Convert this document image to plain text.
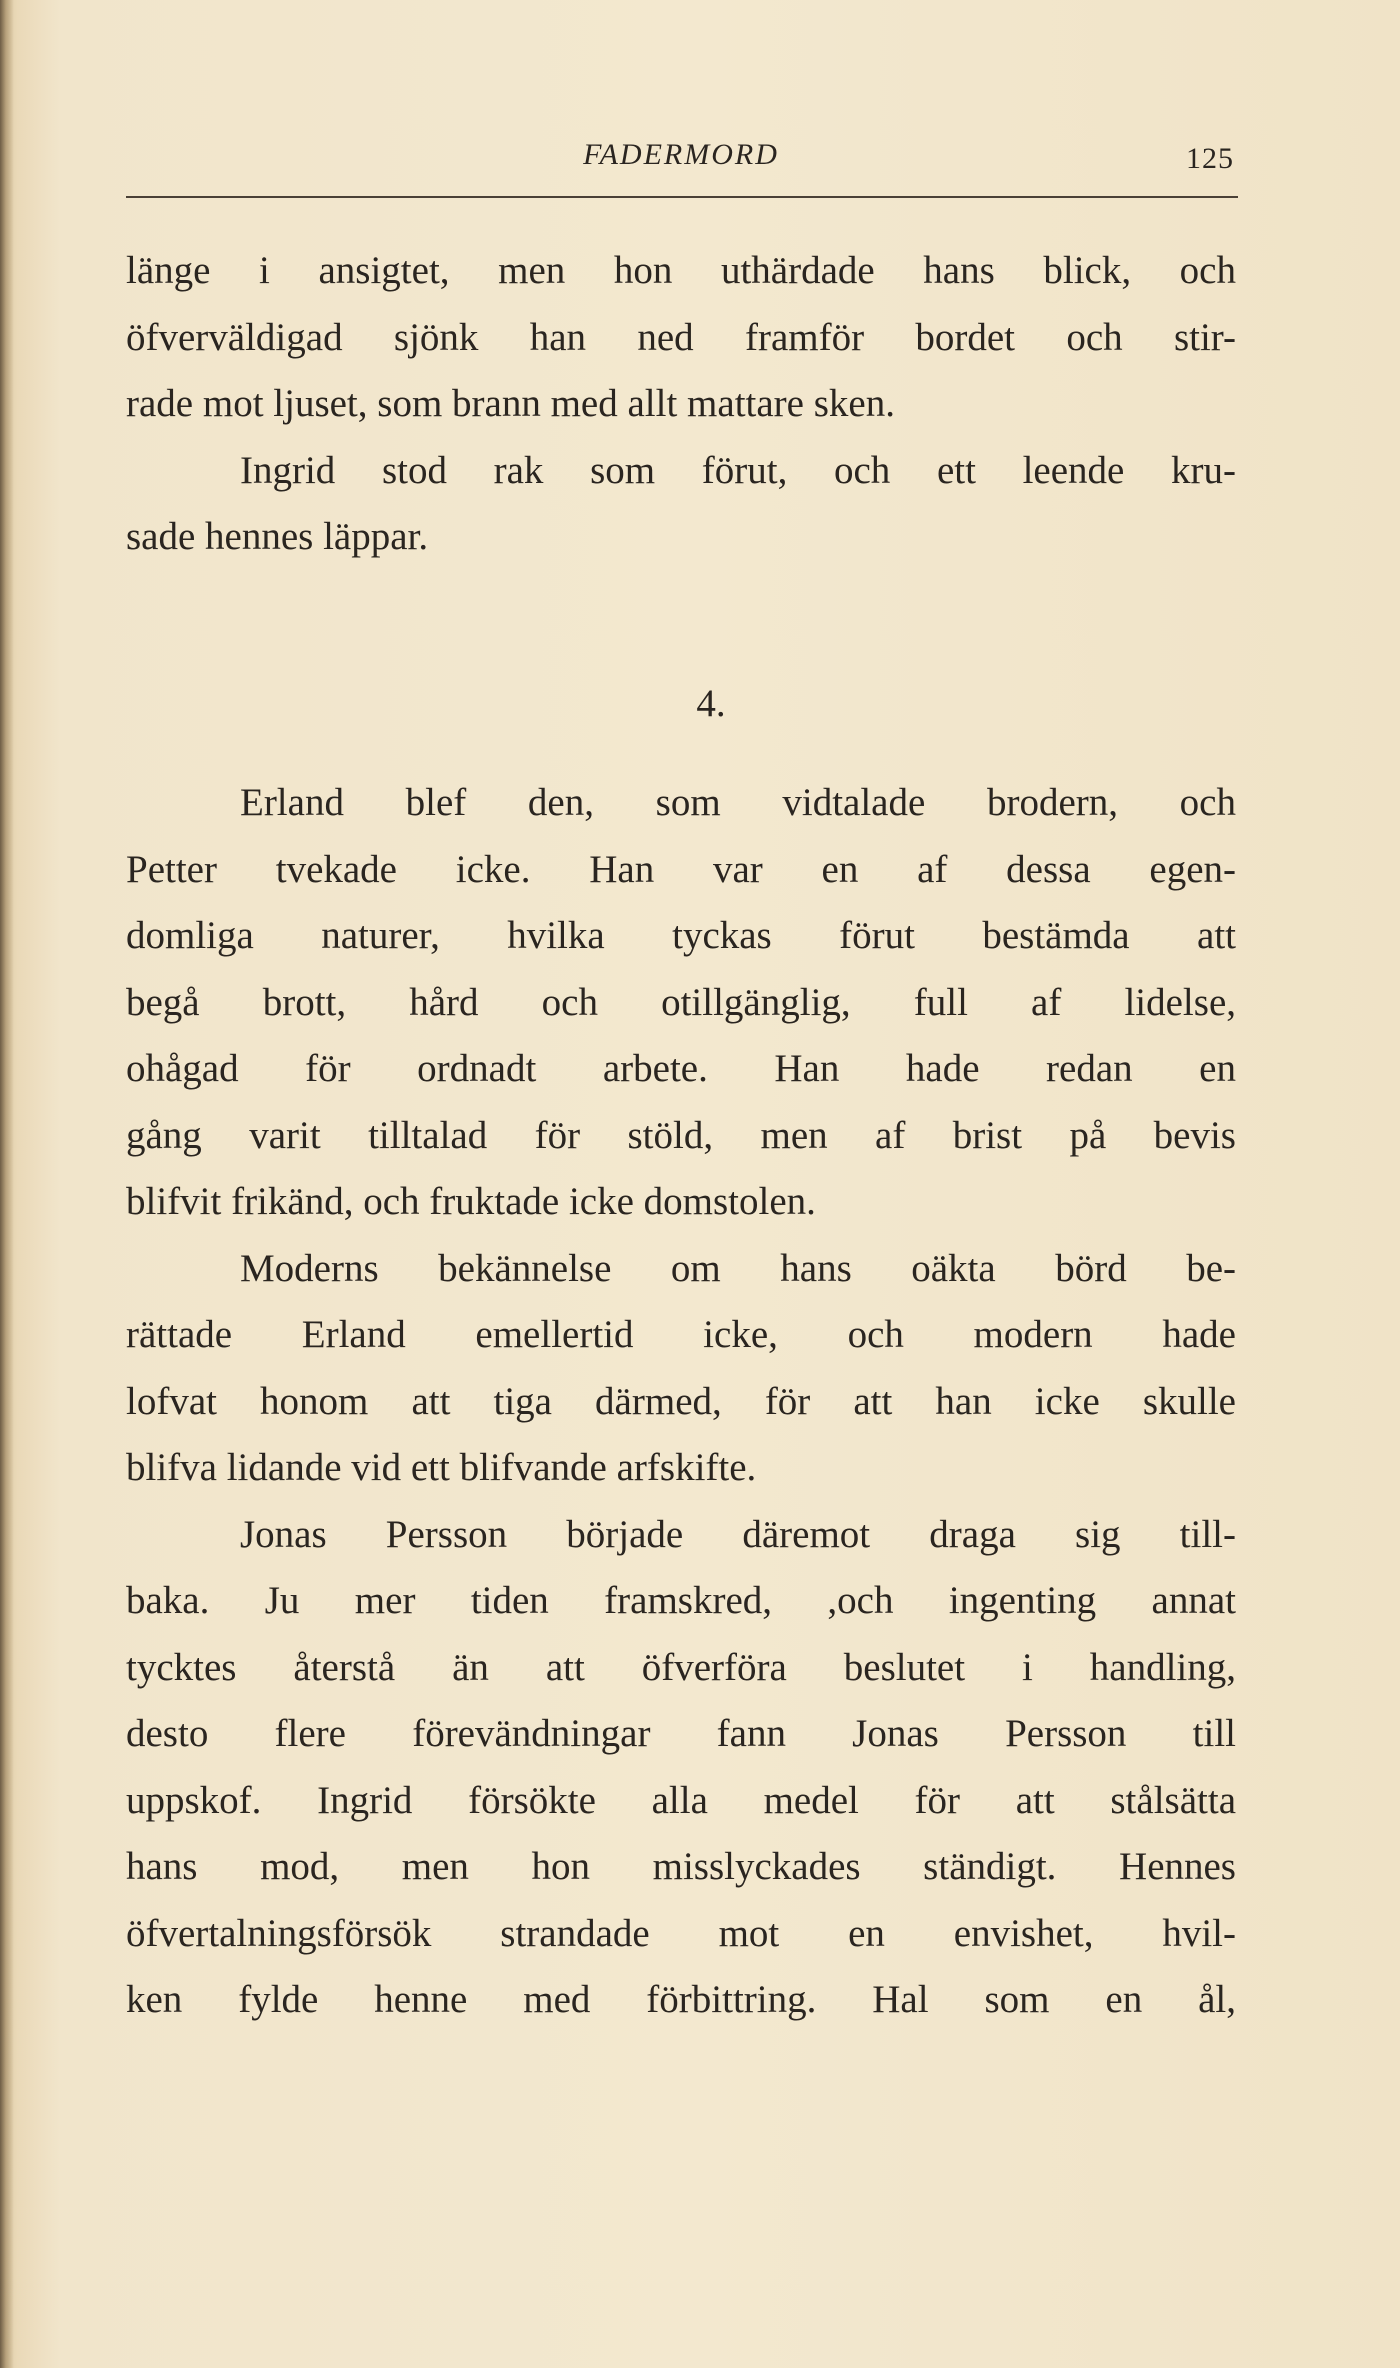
FADERMORD	125
länge i ansigtet, men hon uthärdade hans blick, och
öfverväldigad sjönk han ned framför bordet och stir-
rade mot ljuset, som brann med allt mattare sken.
Ingrid stod rak som förut, och ett leende kru-
sade hennes läppar.
4.
Erland blef den, som vidtalade brodern, och
Petter tvekade icke. Han var en af dessa egen-
domliga naturer, hvilka tyckas förut bestämda att
begå brott, hård och otillgänglig, full af lidelse,
ohågad för ordnadt arbete. Han hade redan en
gång varit tilltalad för stöld, men af brist på bevis
blifvit frikänd, och fruktade icke domstolen.
Moderns bekännelse om hans oäkta börd be-
rättade Erland emellertid icke, och modern hade
lofvat honom att tiga därmed, för att han icke skulle
blifva lidande vid ett blifvande arfskifte.
Jonas Persson började däremot draga sig till-
baka. Ju mer tiden framskred, ,och ingenting annat
tycktes återstå än att öfverföra beslutet i handling,
desto flere förevändningar fann Jonas Persson till
uppskof. Ingrid försökte alla medel för att stålsätta
hans mod, men hon misslyckades ständigt. Hennes
öfvertalningsförsök strandade mot en envishet, hvil-
ken fylde henne med förbittring. Hal som en ål,
